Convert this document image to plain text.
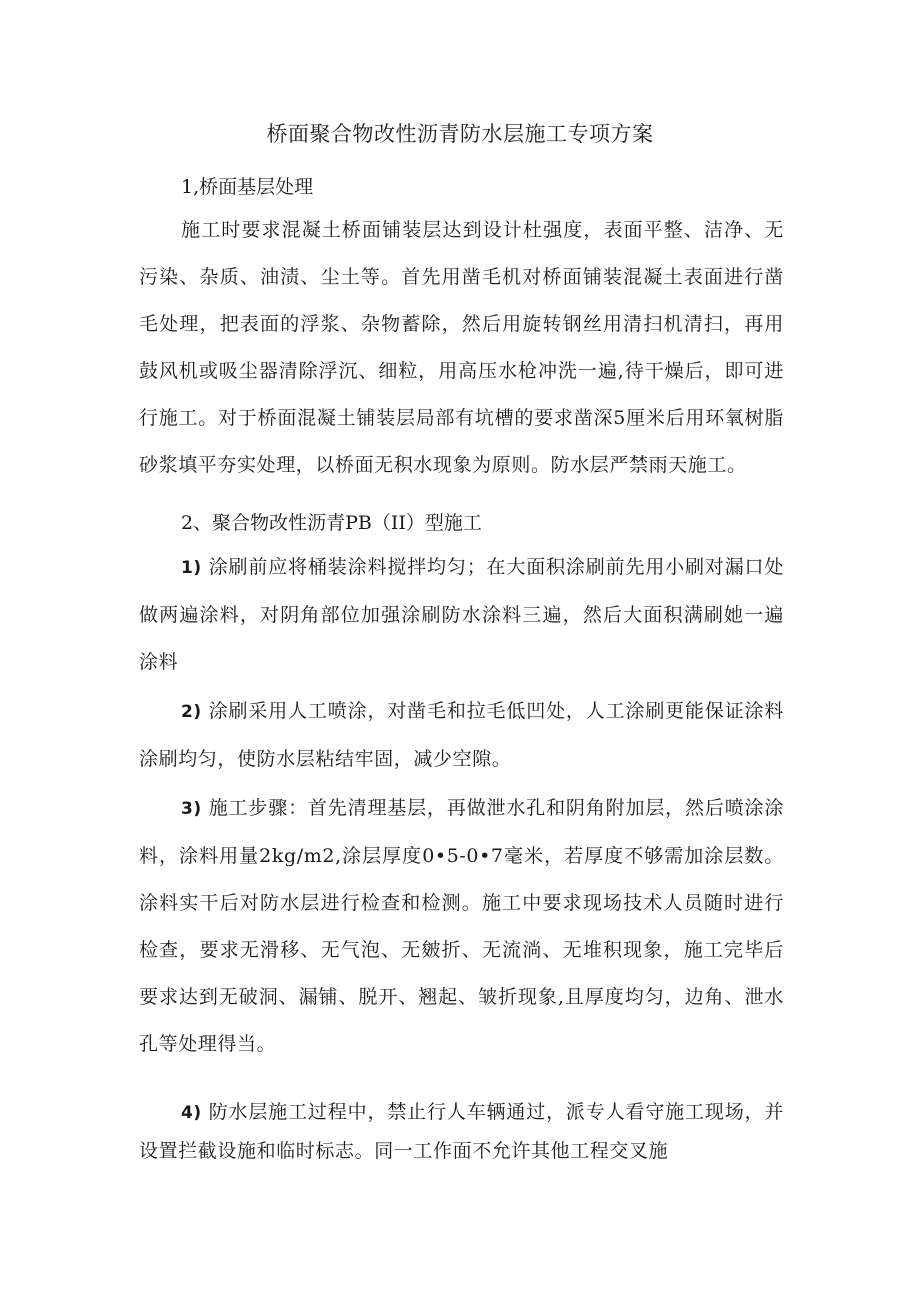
桥面聚合物改性沥青防水层施工专项方案
1,桥面基层处理

施工时要求混凝土桥面铺装层达到设计杜强度，表面平整、洁净、无污染、杂质、油渍、尘土等。首先用凿毛机对桥面铺装混凝土表面进行凿毛处理，把表面的浮浆、杂物蓄除，然后用旋转钢丝用清扫机清扫，再用鼓风机或吸尘器清除浮沉、细粒，用高压水枪冲洗一遍,待干燥后，即可进行施工。对于桥面混凝土铺装层局部有坑槽的要求凿深5厘米后用环氧树脂砂浆填平夯实处理，以桥面无积水现象为原则。防水层严禁雨天施工。

2、聚合物改性沥青PB（II）型施工

1) 涂刷前应将桶装涂料搅拌均匀；在大面积涂刷前先用小刷对漏口处做两遍涂料，对阴角部位加强涂刷防水涂料三遍，然后大面积满刷她一遍涂料

2) 涂刷采用人工喷涂，对凿毛和拉毛低凹处，人工涂刷更能保证涂料涂刷均匀，使防水层粘结牢固，减少空隙。

3) 施工步骤：首先清理基层，再做泄水孔和阴角附加层，然后喷涂涂料，涂料用量2kg/m2,涂层厚度0•5-0•7毫米，若厚度不够需加涂层数。涂料实干后对防水层进行检查和检测。施工中要求现场技术人员随时进行检查，要求无滑移、无气泡、无皴折、无流淌、无堆积现象，施工完毕后要求达到无破洞、漏铺、脱开、翘起、皱折现象,且厚度均匀，边角、泄水孔等处理得当。

4) 防水层施工过程中，禁止行人车辆通过，派专人看守施工现场，并设置拦截设施和临时标志。同一工作面不允许其他工程交叉施
